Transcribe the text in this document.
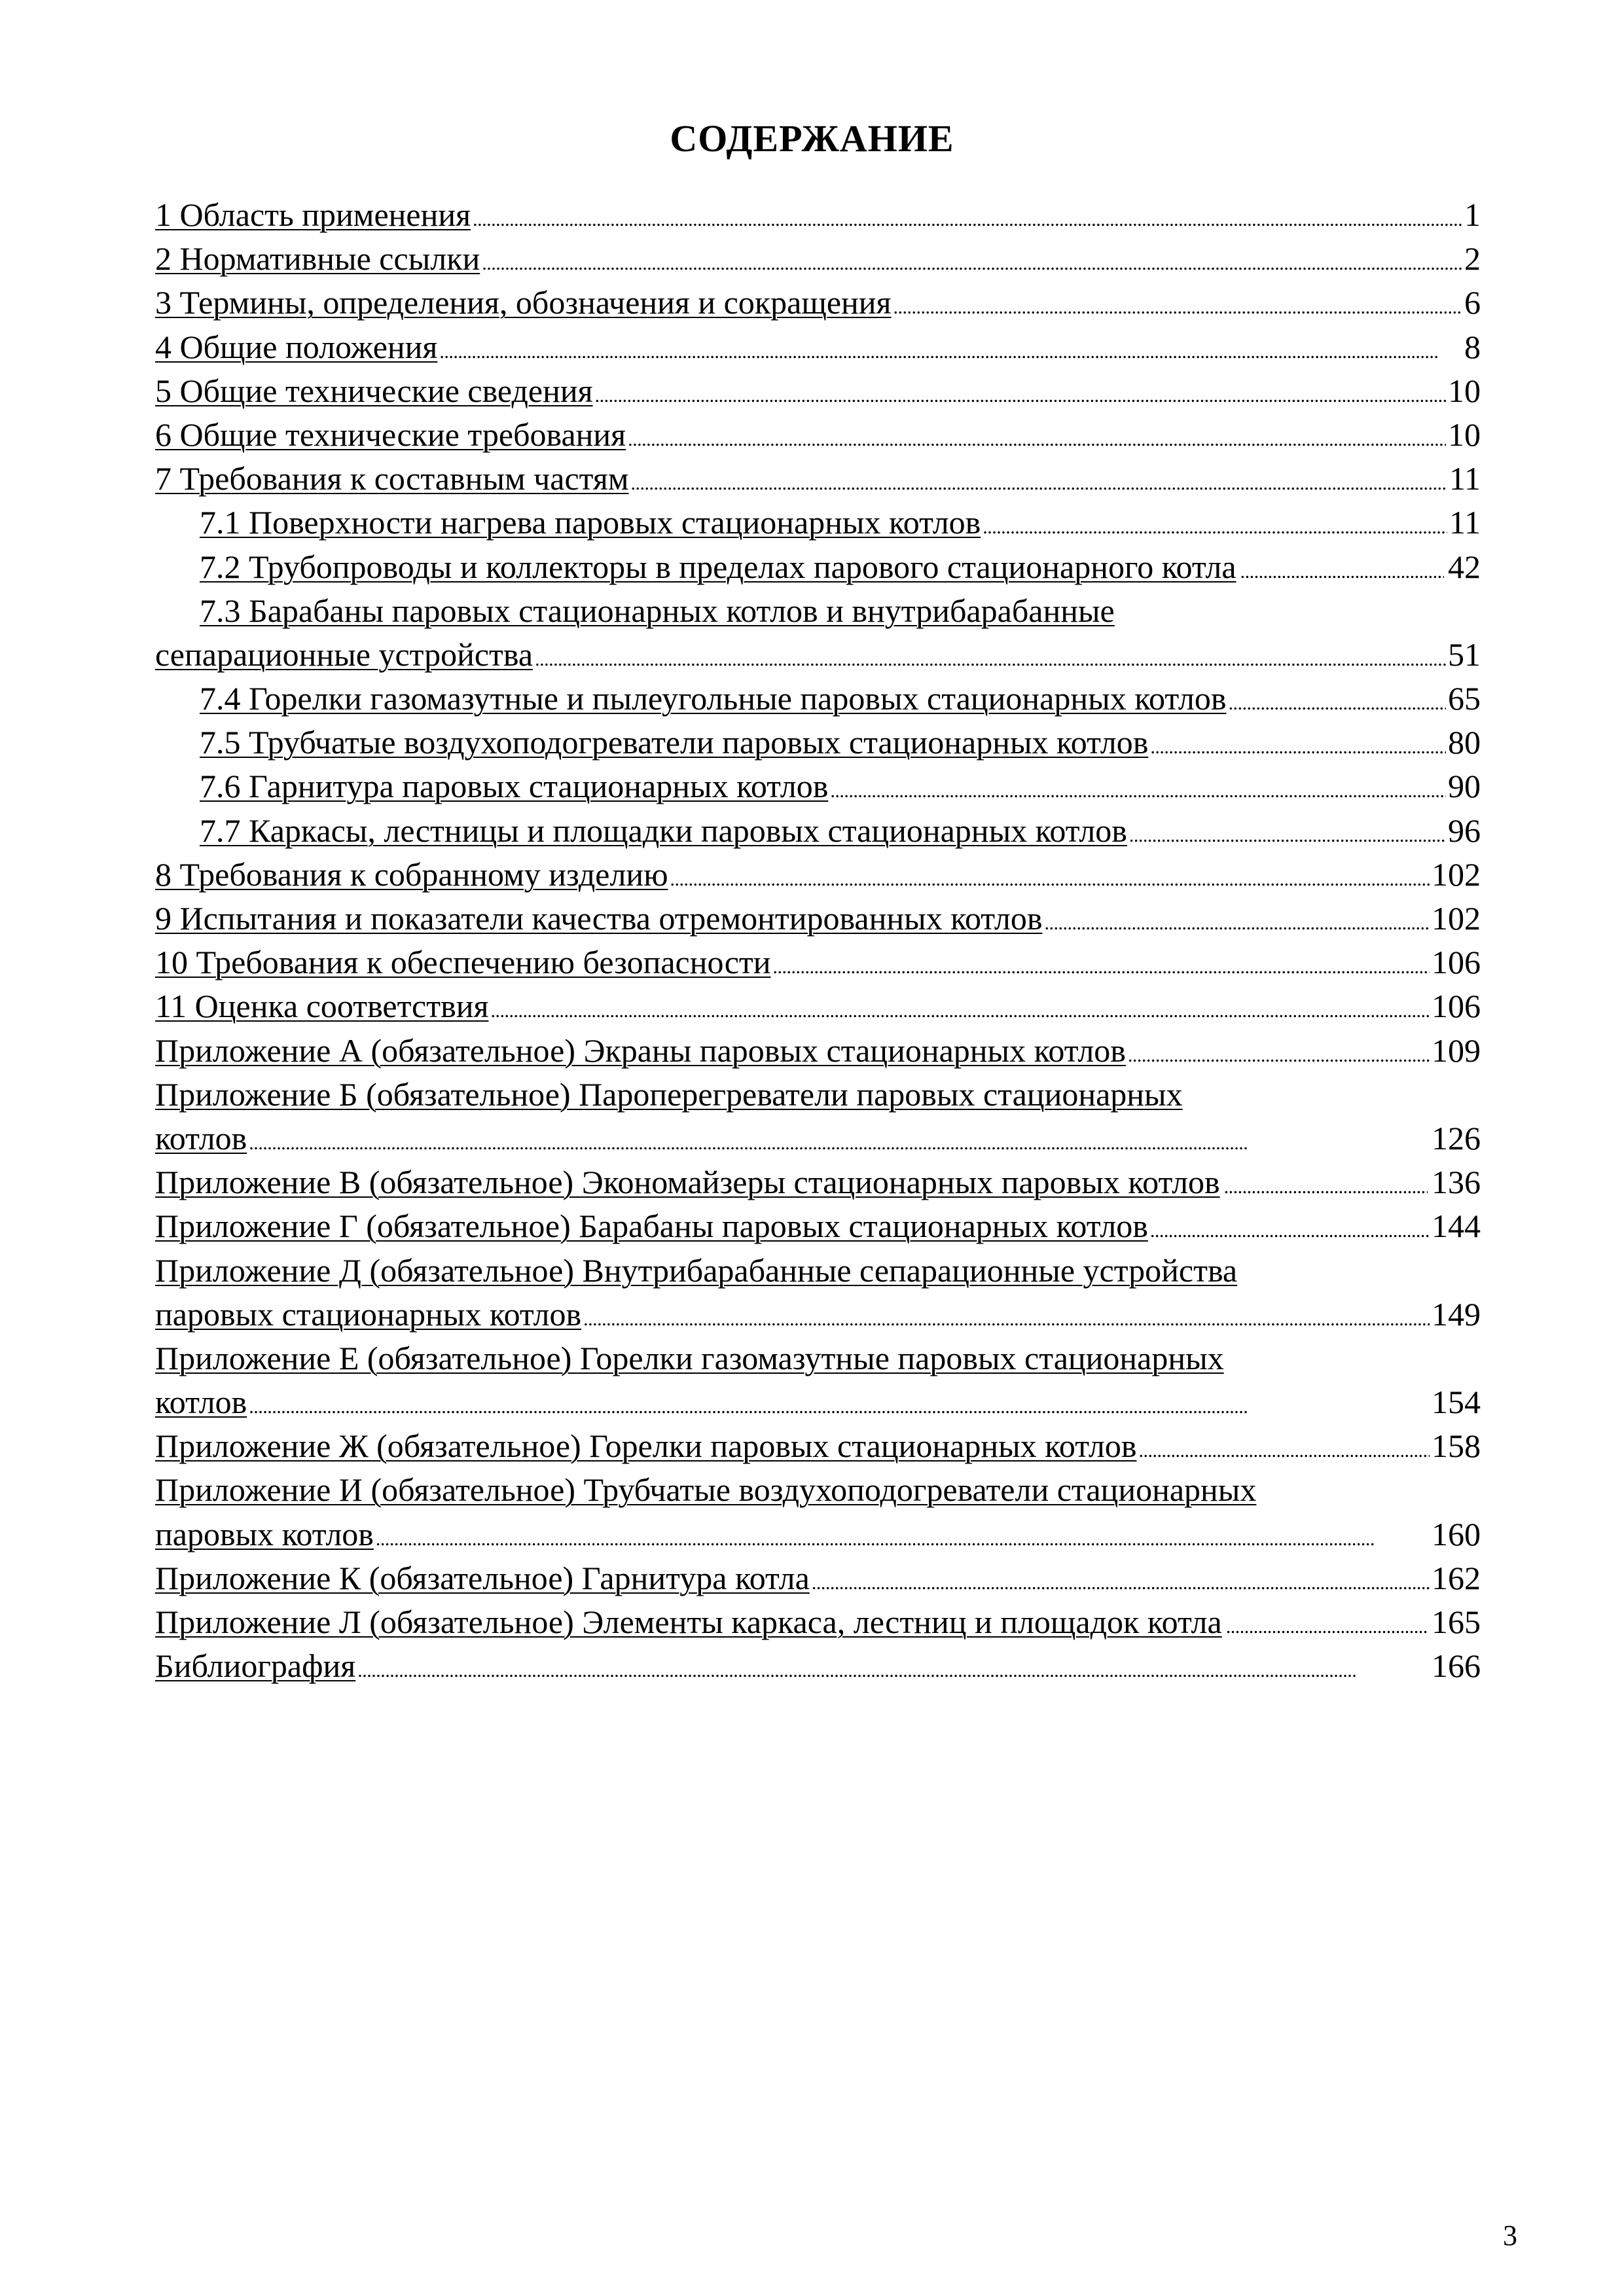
СОДЕРЖАНИЕ
1 Область применения . . .	1
2 Нормативные ссылки . . .	2
3 Термины, определения, обозначения и сокращения . . .	6
4 Общие положения . . .	8
5 Общие технические сведения . . .	10
6 Общие технические требования . . .	10
7 Требования к составным частям . . .	11
7.1 Поверхности нагрева паровых стационарных котлов . . .	11
7.2 Трубопроводы и коллекторы в пределах парового стационарного котла . . .	42
7.3 Барабаны паровых стационарных котлов и внутрибарабанные
сепарационные устройства . . .	51
7.4 Горелки газомазутные и пылеугольные паровых стационарных котлов . . .	65
7.5 Трубчатые воздухоподогреватели паровых стационарных котлов . . .	80
7.6 Гарнитура паровых стационарных котлов . . .	90
7.7 Каркасы, лестницы и площадки паровых стационарных котлов . . .	96
8 Требования к собранному изделию . . .	102
9 Испытания и показатели качества отремонтированных котлов . . .	102
10 Требования к обеспечению безопасности . . .	106
11 Оценка соответствия . . .	106
Приложение А (обязательное) Экраны паровых стационарных котлов . . .	109
Приложение Б (обязательное) Пароперегреватели паровых стационарных
котлов . . .	126
Приложение В (обязательное) Экономайзеры стационарных паровых котлов . . .	136
Приложение Г (обязательное) Барабаны паровых стационарных котлов . . .	144
Приложение Д (обязательное) Внутрибарабанные сепарационные устройства
паровых стационарных котлов . . .	149
Приложение Е (обязательное) Горелки газомазутные паровых стационарных
котлов . . .	154
Приложение Ж (обязательное) Горелки паровых стационарных котлов . . .	158
Приложение И (обязательное) Трубчатые воздухоподогреватели стационарных
паровых котлов . . .	160
Приложение К (обязательное) Гарнитура котла . . .	162
Приложение Л (обязательное) Элементы каркаса, лестниц и площадок котла . . .	165
Библиография . . .	166
3
